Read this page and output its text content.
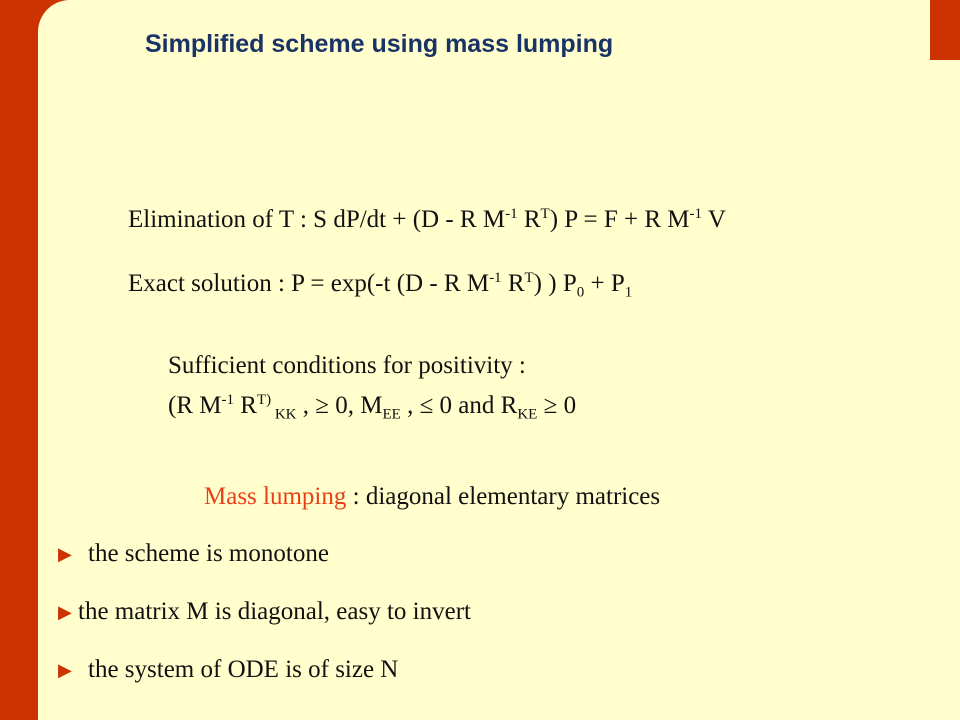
Simplified scheme using mass lumping
Elimination of T : S dP/dt + (D - R $M^{-1}$ $R^T$) P = F + R $M^{-1}$ V
Exact solution : P = exp(-t (D - R $M^{-1}$ $R^T$) ) $P_0 + P_1$
Sufficient conditions for positivity :
(R $M^{-1}$ $R^{T)}$ $_{KK}$ , ≥ 0, $M_{EE}$ , ≤ 0 and $R_{KE} \ge 0$
Mass lumping : diagonal elementary matrices
▶ the scheme is monotone
▶ the matrix M is diagonal, easy to invert
▶ the system of ODE is of size N
